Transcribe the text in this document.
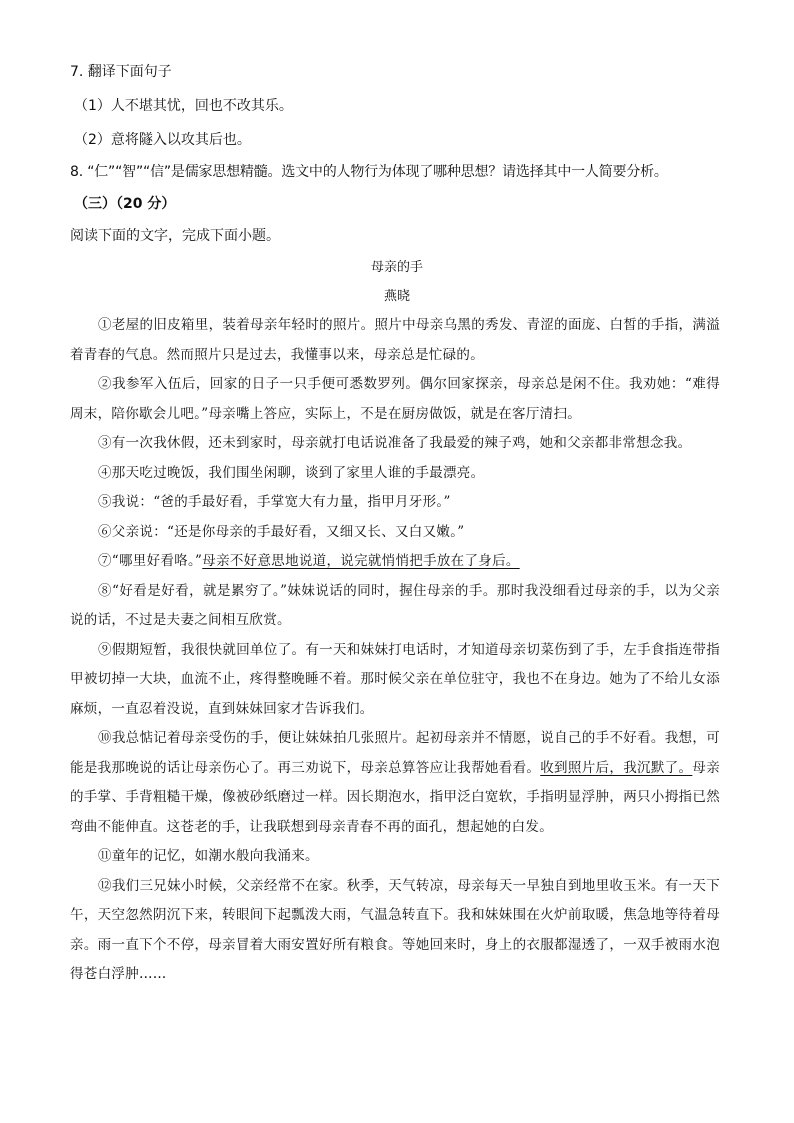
7. 翻译下面句子
（1）人不堪其忧，回也不改其乐。
（2）意将隧入以攻其后也。
8. “仁”“智”“信”是儒家思想精髓。选文中的人物行为体现了哪种思想？请选择其中一人简要分析。
（三）（20 分）
阅读下面的文字，完成下面小题。
母亲的手
燕晓

①老屋的旧皮箱里，装着母亲年轻时的照片。照片中母亲乌黑的秀发、青涩的面庞、白皙的手指，满溢着青春的气息。然而照片只是过去，我懂事以来，母亲总是忙碌的。

②我参军入伍后，回家的日子一只手便可悉数罗列。偶尔回家探亲，母亲总是闲不住。我劝她：“难得周末，陪你歇会儿吧。”母亲嘴上答应，实际上，不是在厨房做饭，就是在客厅清扫。

③有一次我休假，还未到家时，母亲就打电话说准备了我最爱的辣子鸡，她和父亲都非常想念我。

④那天吃过晚饭，我们围坐闲聊，谈到了家里人谁的手最漂亮。

⑤我说：“爸的手最好看，手掌宽大有力量，指甲月牙形。”

⑥父亲说：“还是你母亲的手最好看，又细又长、又白又嫩。”

⑦“哪里好看咯。”母亲不好意思地说道，说完就悄悄把手放在了身后。

⑧“好看是好看，就是累穷了。”妹妹说话的同时，握住母亲的手。那时我没细看过母亲的手，以为父亲说的话，不过是夫妻之间相互欣赏。

⑨假期短暂，我很快就回单位了。有一天和妹妹打电话时，才知道母亲切菜伤到了手，左手食指连带指甲被切掉一大块，血流不止，疼得整晚睡不着。那时候父亲在单位驻守，我也不在身边。她为了不给儿女添麻烦，一直忍着没说，直到妹妹回家才告诉我们。

⑩我总惦记着母亲受伤的手，便让妹妹拍几张照片。起初母亲并不情愿，说自己的手不好看。我想，可能是我那晚说的话让母亲伤心了。再三劝说下，母亲总算答应让我帮她看看。收到照片后，我沉默了。母亲的手掌、手背粗糙干燥，像被砂纸磨过一样。因长期泡水，指甲泛白宽软，手指明显浮肿，两只小拇指已然弯曲不能伸直。这苍老的手，让我联想到母亲青春不再的面孔，想起她的白发。

⑪童年的记忆，如潮水般向我涌来。

⑫我们三兄妹小时候，父亲经常不在家。秋季，天气转凉，母亲每天一早独自到地里收玉米。有一天下午，天空忽然阴沉下来，转眼间下起瓢泼大雨，气温急转直下。我和妹妹围在火炉前取暖，焦急地等待着母亲。雨一直下个不停，母亲冒着大雨安置好所有粮食。等她回来时，身上的衣服都湿透了，一双手被雨水泡得苍白浮肿……
